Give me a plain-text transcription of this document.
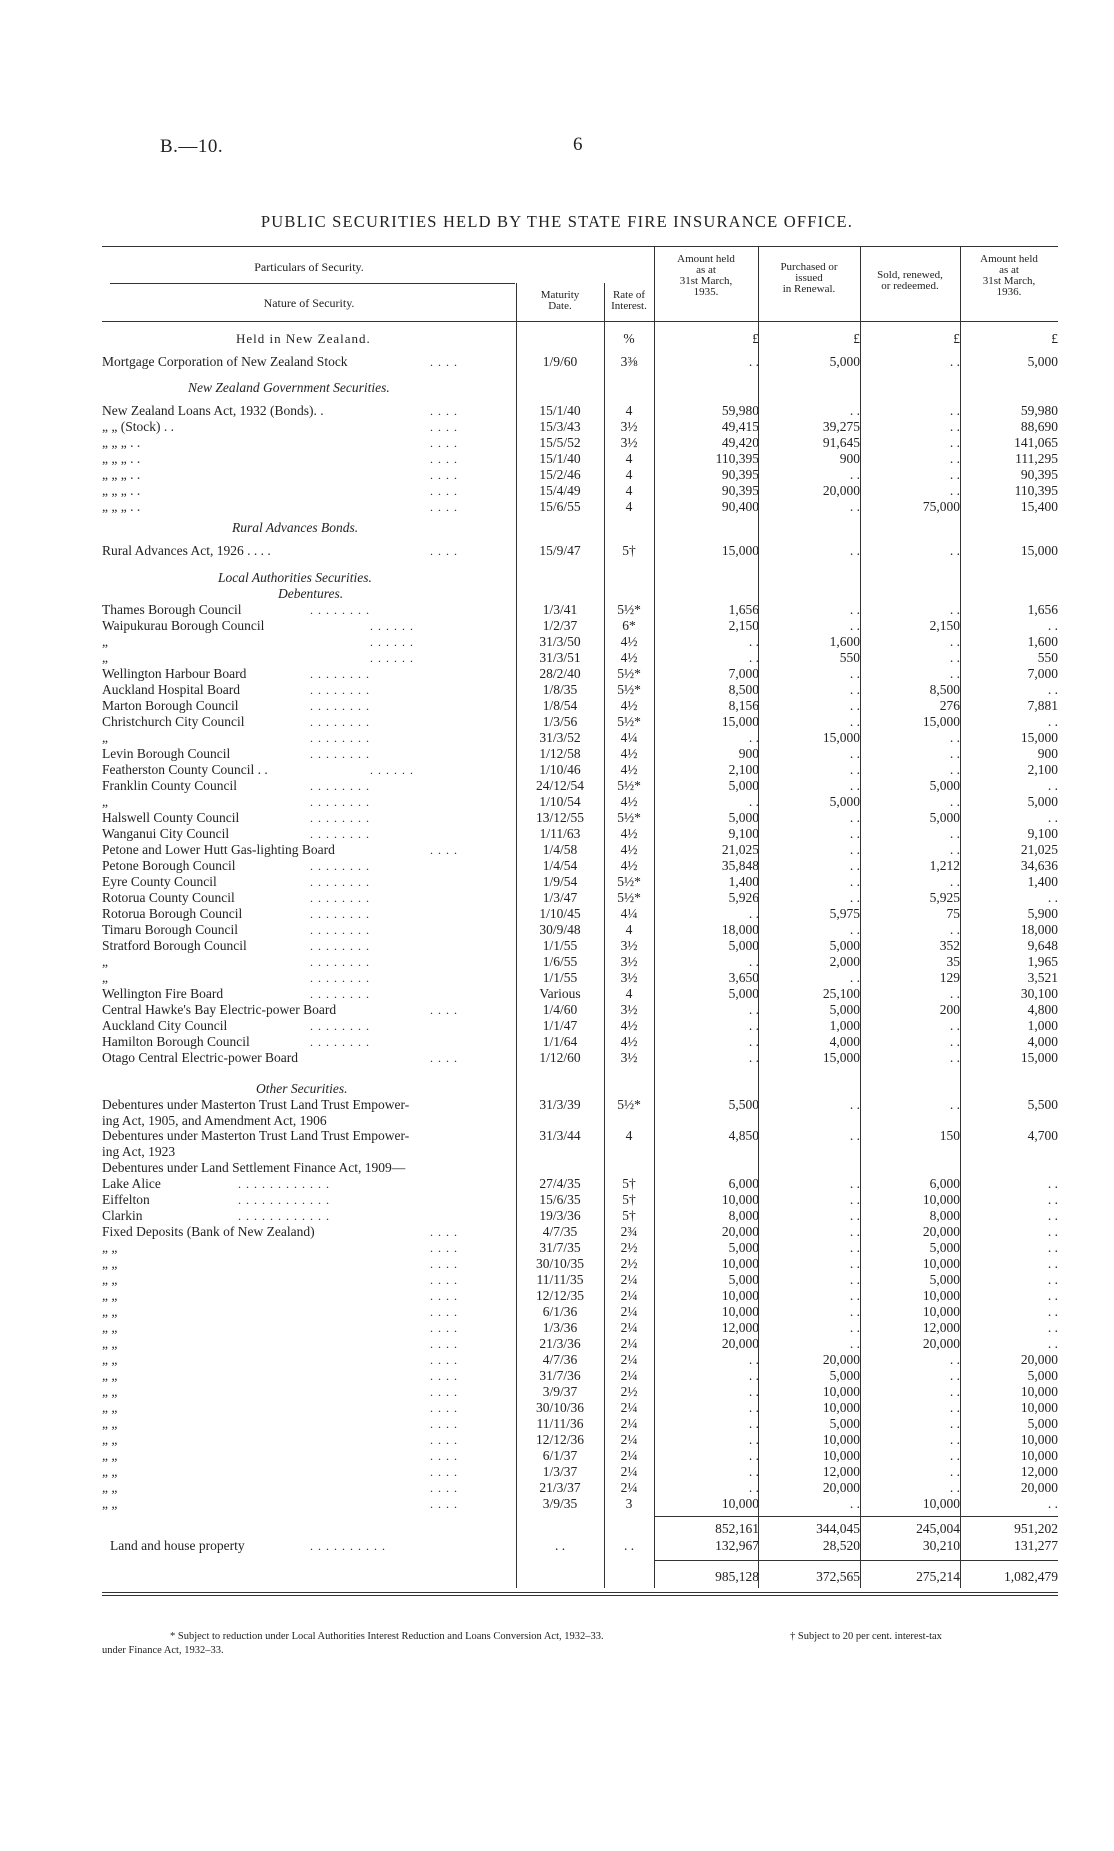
B.—10.	6
PUBLIC SECURITIES HELD BY THE STATE FIRE INSURANCE OFFICE.
Particulars of Security.
Nature of Security.
Maturity
Date.
Rate of
Interest.
Amount held
as at
31st March,
1935.
Purchased or
issued
in Renewal.
Sold, renewed,
or redeemed.
Amount held
as at
31st March,
1936.
%	£	£	£	£
Held in New Zealand.
New Zealand Government Securities.
Rural Advances Bonds.
Local Authorities Securities.
Debentures.
Other Securities.
Mortgage Corporation of New Zealand Stock	. . . .	1/9/60	3⅜	. .	5,000	. .	5,000
New Zealand Loans Act, 1932 (Bonds). .	. . . .	15/1/40	4	59,980	. .	. .	59,980
„ „ (Stock) . .	. . . .	15/3/43	3½	49,415	39,275	. .	88,690
„ „ „ . .	. . . .	15/5/52	3½	49,420	91,645	. .	141,065
„ „ „ . .	. . . .	15/1/40	4	110,395	900	. .	111,295
„ „ „ . .	. . . .	15/2/46	4	90,395	. .	. .	90,395
„ „ „ . .	. . . .	15/4/49	4	90,395	20,000	. .	110,395
„ „ „ . .	. . . .	15/6/55	4	90,400	. .	75,000	15,400
Rural Advances Act, 1926 . . . .	. . . .	15/9/47	5†	15,000	. .	. .	15,000
Thames Borough Council	. . . . . . . .	1/3/41	5½*	1,656	. .	. .	1,656
Waipukurau Borough Council	. . . . . .	1/2/37	6*	2,150	. .	2,150	. .
„	. . . . . .	31/3/50	4½	. .	1,600	. .	1,600
„	. . . . . .	31/3/51	4½	. .	550	. .	550
Wellington Harbour Board	. . . . . . . .	28/2/40	5½*	7,000	. .	. .	7,000
Auckland Hospital Board	. . . . . . . .	1/8/35	5½*	8,500	. .	8,500	. .
Marton Borough Council	. . . . . . . .	1/8/54	4½	8,156	. .	276	7,881
Christchurch City Council	. . . . . . . .	1/3/56	5½*	15,000	. .	15,000	. .
„	. . . . . . . .	31/3/52	4¼	. .	15,000	. .	15,000
Levin Borough Council	. . . . . . . .	1/12/58	4½	900	. .	. .	900
Featherston County Council . .	. . . . . .	1/10/46	4½	2,100	. .	. .	2,100
Franklin County Council	. . . . . . . .	24/12/54	5½*	5,000	. .	5,000	. .
„	. . . . . . . .	1/10/54	4½	. .	5,000	. .	5,000
Halswell County Council	. . . . . . . .	13/12/55	5½*	5,000	. .	5,000	. .
Wanganui City Council	. . . . . . . .	1/11/63	4½	9,100	. .	. .	9,100
Petone and Lower Hutt Gas-lighting Board	. . . .	1/4/58	4½	21,025	. .	. .	21,025
Petone Borough Council	. . . . . . . .	1/4/54	4½	35,848	. .	1,212	34,636
Eyre County Council	. . . . . . . .	1/9/54	5½*	1,400	. .	. .	1,400
Rotorua County Council	. . . . . . . .	1/3/47	5½*	5,926	. .	5,925	. .
Rotorua Borough Council	. . . . . . . .	1/10/45	4¼	. .	5,975	75	5,900
Timaru Borough Council	. . . . . . . .	30/9/48	4	18,000	. .	. .	18,000
Stratford Borough Council	. . . . . . . .	1/1/55	3½	5,000	5,000	352	9,648
„	. . . . . . . .	1/6/55	3½	. .	2,000	35	1,965
„	. . . . . . . .	1/1/55	3½	3,650	. .	129	3,521
Wellington Fire Board	. . . . . . . .	Various	4	5,000	25,100	. .	30,100
Central Hawke's Bay Electric-power Board	. . . .	1/4/60	3½	. .	5,000	200	4,800
Auckland City Council	. . . . . . . .	1/1/47	4½	. .	1,000	. .	1,000
Hamilton Borough Council	. . . . . . . .	1/1/64	4½	. .	4,000	. .	4,000
Otago Central Electric-power Board	. . . .	1/12/60	3½	. .	15,000	. .	15,000
Debentures under Masterton Trust Land Trust Empower-	31/3/39	5½*	5,500	. .	. .	5,500
ing Act, 1905, and Amendment Act, 1906
Debentures under Masterton Trust Land Trust Empower-	31/3/44	4	4,850	. .	150	4,700
ing Act, 1923
Debentures under Land Settlement Finance Act, 1909—
Lake Alice	. . . . . . . . . . . .	27/4/35	5†	6,000	. .	6,000	. .
Eiffelton	. . . . . . . . . . . .	15/6/35	5†	10,000	. .	10,000	. .
Clarkin	. . . . . . . . . . . .	19/3/36	5†	8,000	. .	8,000	. .
Fixed Deposits (Bank of New Zealand)	. . . .	4/7/35	2¾	20,000	. .	20,000	. .
„ „	. . . .	31/7/35	2½	5,000	. .	5,000	. .
„ „	. . . .	30/10/35	2½	10,000	. .	10,000	. .
„ „	. . . .	11/11/35	2¼	5,000	. .	5,000	. .
„ „	. . . .	12/12/35	2¼	10,000	. .	10,000	. .
„ „	. . . .	6/1/36	2¼	10,000	. .	10,000	. .
„ „	. . . .	1/3/36	2¼	12,000	. .	12,000	. .
„ „	. . . .	21/3/36	2¼	20,000	. .	20,000	. .
„ „	. . . .	4/7/36	2¼	. .	20,000	. .	20,000
„ „	. . . .	31/7/36	2¼	. .	5,000	. .	5,000
„ „	. . . .	3/9/37	2½	. .	10,000	. .	10,000
„ „	. . . .	30/10/36	2¼	. .	10,000	. .	10,000
„ „	. . . .	11/11/36	2¼	. .	5,000	. .	5,000
„ „	. . . .	12/12/36	2¼	. .	10,000	. .	10,000
„ „	. . . .	6/1/37	2¼	. .	10,000	. .	10,000
„ „	. . . .	1/3/37	2¼	. .	12,000	. .	12,000
„ „	. . . .	21/3/37	2¼	. .	20,000	. .	20,000
„ „	. . . .	3/9/35	3	10,000	. .	10,000	. .
852,161	344,045	245,004	951,202
Land and house property	. . . . . . . . . .	. .	. .	132,967	28,520	30,210	131,277
985,128	372,565	275,214	1,082,479
* Subject to reduction under Local Authorities Interest Reduction and Loans Conversion Act, 1932–33.
under Finance Act, 1932–33.
† Subject to 20 per cent. interest-tax
